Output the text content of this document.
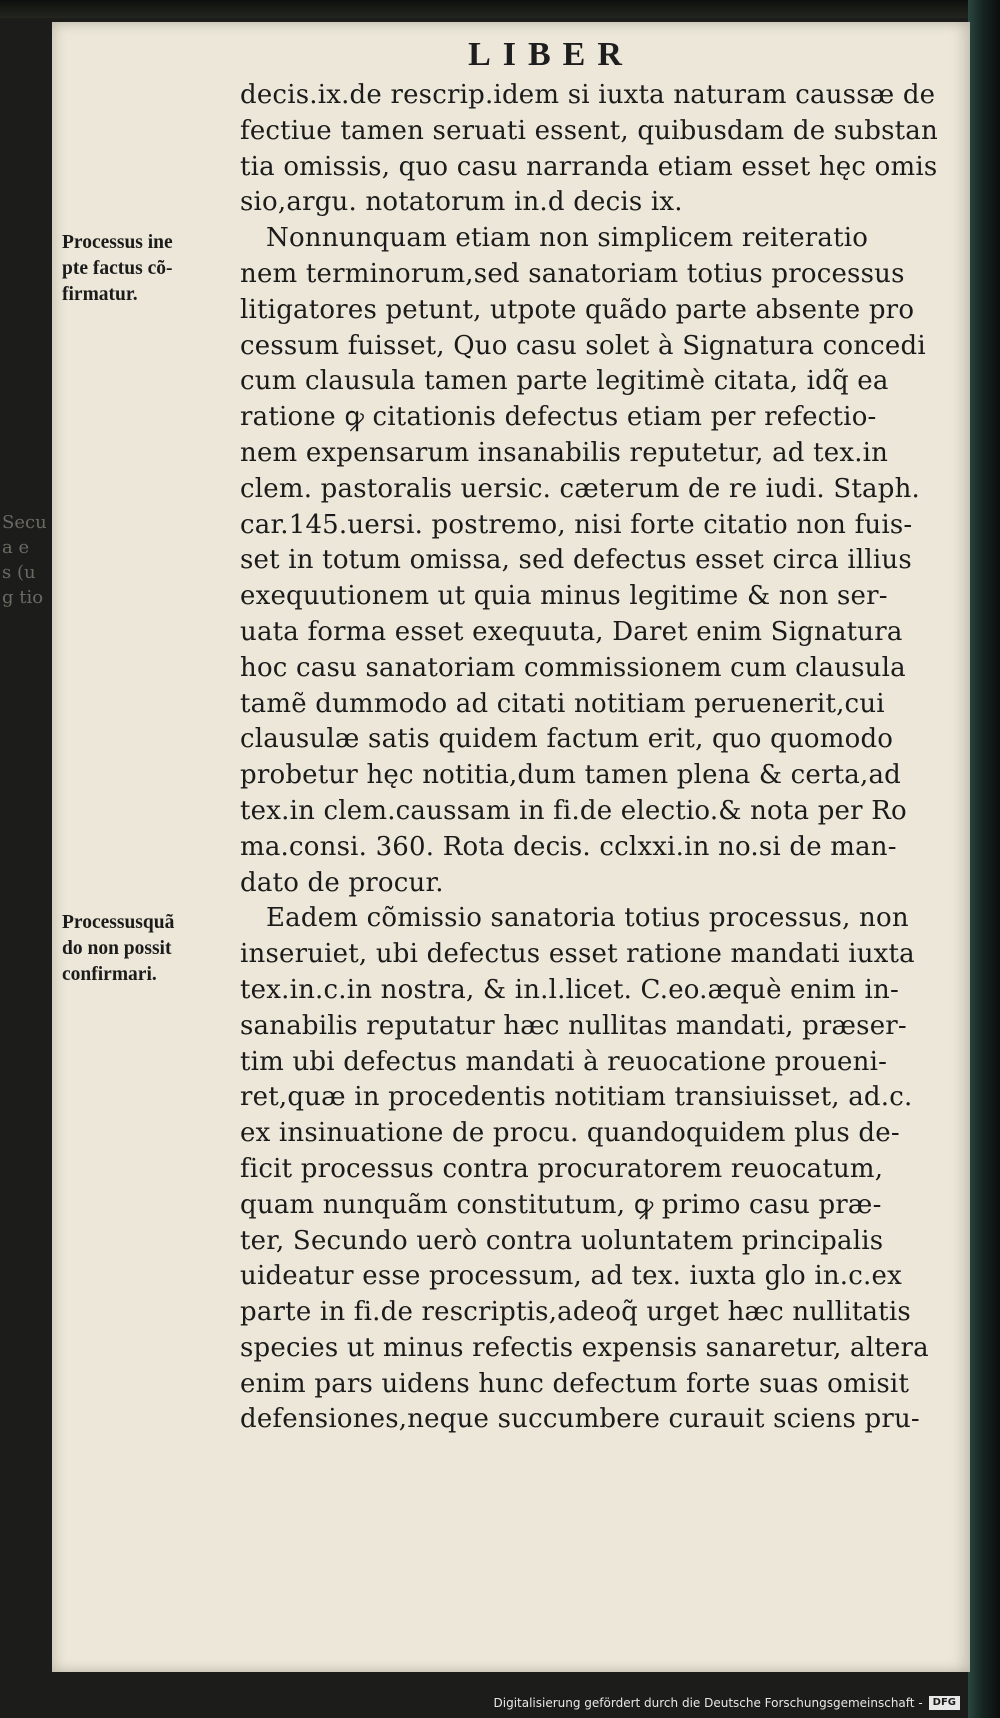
Secu
a e
s (u
g tio
LIBER
Processus ine
pte factus cõ-
firmatur.
Processusquã
do non possit
confirmari.
decis.ix.de rescrip.idem si iuxta naturam caussæ de
fectiue tamen seruati essent, quibusdam de substan
tia omissis, quo casu narranda etiam esset hęc omis
sio,argu. notatorum in.d decis ix.
Nonnunquam etiam non simplicem reiteratio
nem terminorum,sed sanatoriam totius processus
litigatores petunt, utpote quãdo parte absente pro
cessum fuisset, Quo casu solet à Signatura concedi
cum clausula tamen parte legitimè citata, idq̃ ea
ratione ꝙ citationis defectus etiam per refectio-
nem expensarum insanabilis reputetur, ad tex.in
clem. pastoralis uersic. cæterum de re iudi. Staph.
car.145.uersi. postremo, nisi forte citatio non fuis-
set in totum omissa, sed defectus esset circa illius
exequutionem ut quia minus legitime & non ser-
uata forma esset exequuta, Daret enim Signatura
hoc casu sanatoriam commissionem cum clausula
tamẽ dummodo ad citati notitiam peruenerit,cui
clausulæ satis quidem factum erit, quo quomodo
probetur hęc notitia,dum tamen plena & certa,ad
tex.in clem.caussam in fi.de electio.& nota per Ro
ma.consi. 360. Rota decis. cclxxi.in no.si de man-
dato de procur.
Eadem cõmissio sanatoria totius processus, non
inseruiet, ubi defectus esset ratione mandati iuxta
tex.in.c.in nostra, & in.l.licet. C.eo.æquè enim in-
sanabilis reputatur hæc nullitas mandati, præser-
tim ubi defectus mandati à reuocatione proueni-
ret,quæ in procedentis notitiam transiuisset, ad.c.
ex insinuatione de procu. quandoquidem plus de-
ficit processus contra procuratorem reuocatum,
quam nunquãm constitutum, ꝙ primo casu præ-
ter, Secundo uerò contra uoluntatem principalis
uideatur esse processum, ad tex. iuxta glo in.c.ex
parte in fi.de rescriptis,adeoq̃ urget hæc nullitatis
species ut minus refectis expensis sanaretur, altera
enim pars uidens hunc defectum forte suas omisit
defensiones,neque succumbere curauit sciens pru-
Digitalisierung gefördert durch die Deutsche Forschungsgemeinschaft - DFG
